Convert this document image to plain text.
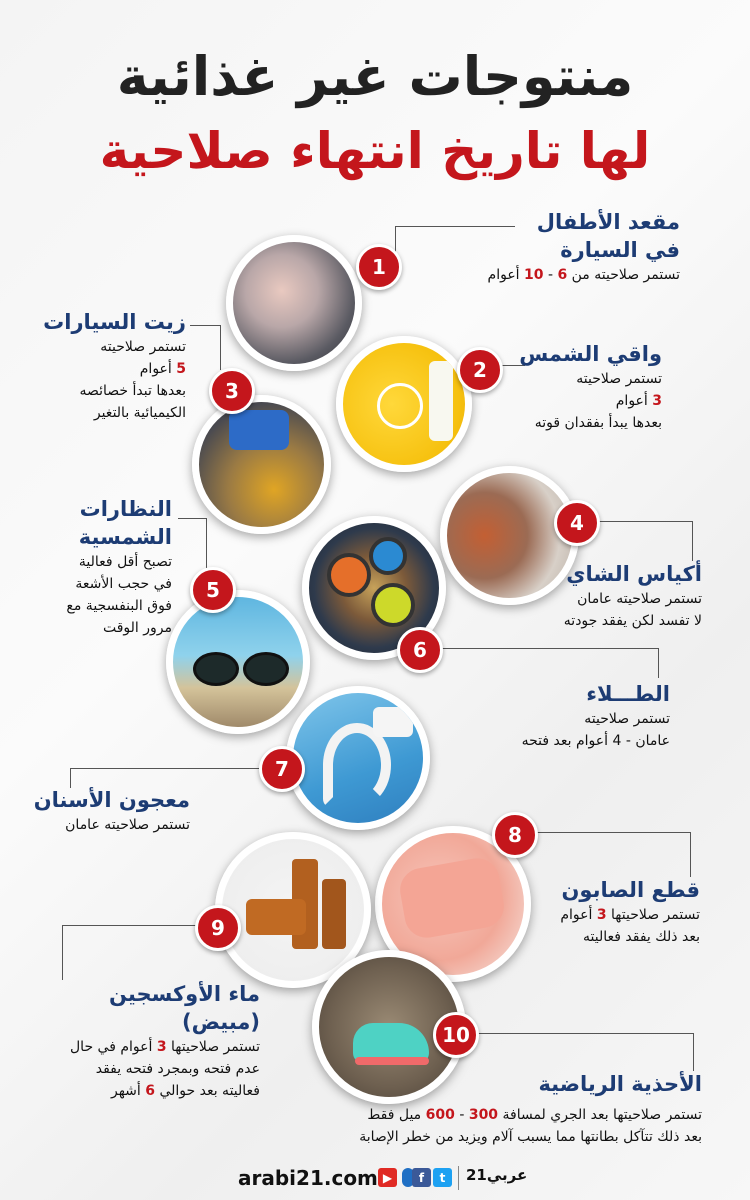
منتوجات غير غذائية
لها تاريخ انتهاء صلاحية
1
2
3
4
5
6
7
8
9
10
مقعد الأطفال
في السيارة
تستمر صلاحيته من 6 - 10 أعوام
واقي الشمس
تستمر صلاحيته
3 أعوام
بعدها يبدأ بفقدان قوته
زيت السيارات
تستمر صلاحيته
5 أعوام
بعدها تبدأ خصائصه
الكيميائية بالتغير
أكياس الشاي
تستمر صلاحيته عامان
لا تفسد لكن يفقد جودته
النظارات
الشمسية
تصبح أقل فعالية
في حجب الأشعة
فوق البنفسجية مع
مرور الوقت
الطـــلاء
تستمر صلاحيته
عامان - 4 أعوام بعد فتحه
معجون الأسنان
تستمر صلاحيته عامان
قطع الصابون
تستمر صلاحيتها 3 أعوام
بعد ذلك يفقد فعاليته
ماء الأوكسجين (مبيض)
تستمر صلاحيتها 3 أعوام في حال
عدم فتحه وبمجرد فتحه يفقد
فعاليته بعد حوالي 6 أشهر	الأحذية الرياضية
تستمر صلاحيتها بعد الجري لمسافة 300 - 600 ميل فقط
بعد ذلك تتآكل بطانتها مما يسبب آلام ويزيد من خطر الإصابة
arabi21.com ▶	f	t	عربي21
